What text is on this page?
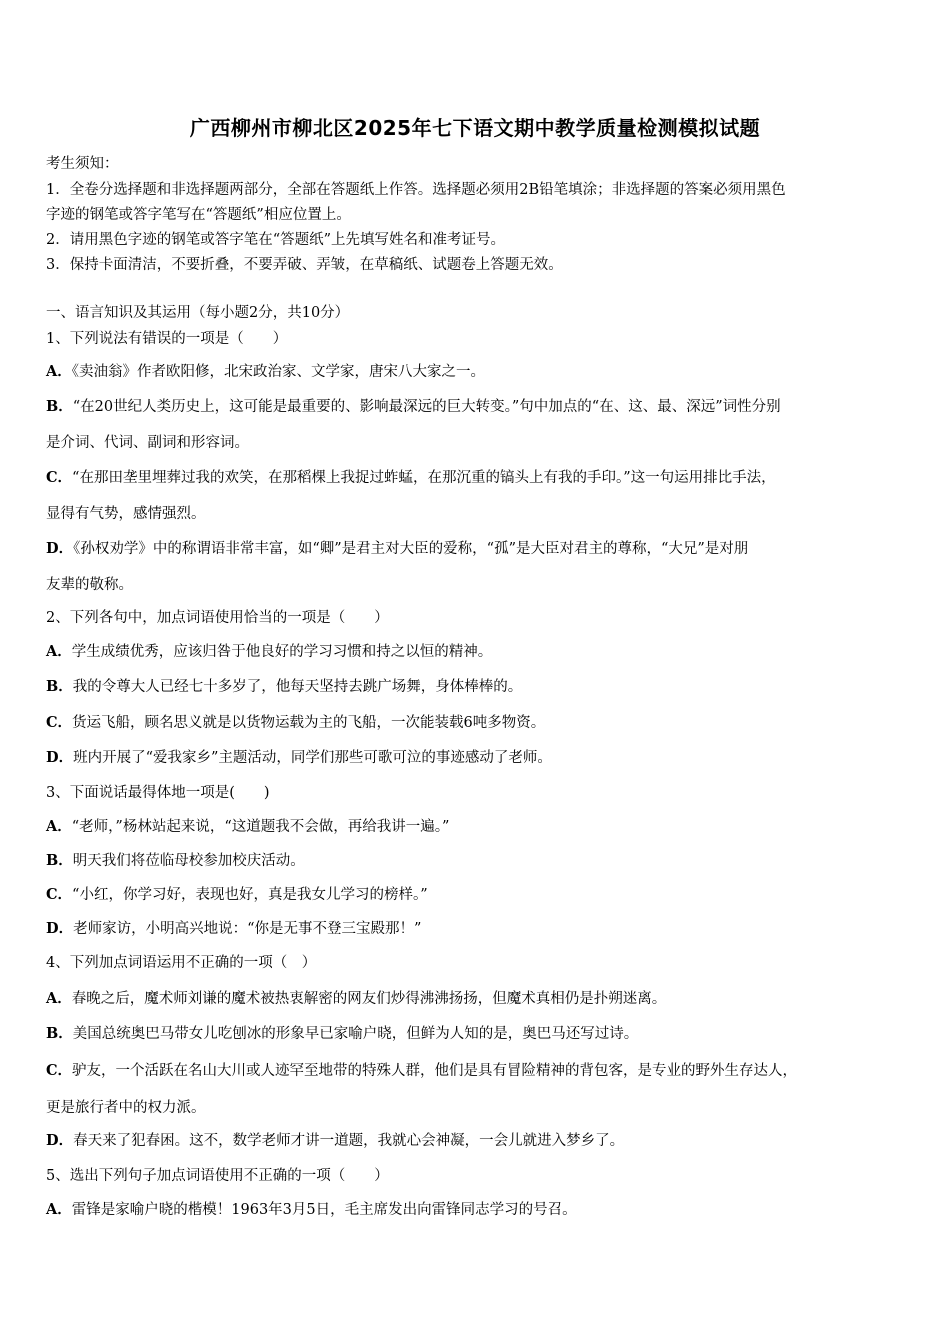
广西柳州市柳北区2025年七下语文期中教学质量检测模拟试题
考生须知：
1．全卷分选择题和非选择题两部分，全部在答题纸上作答。选择题必须用2B铅笔填涂；非选择题的答案必须用黑色
字迹的钢笔或答字笔写在“答题纸”相应位置上。
2．请用黑色字迹的钢笔或答字笔在“答题纸”上先填写姓名和准考证号。
3．保持卡面清洁，不要折叠，不要弄破、弄皱，在草稿纸、试题卷上答题无效。
一、语言知识及其运用（每小题2分，共10分）
1、下列说法有错误的一项是（　　）
A．《卖油翁》作者欧阳修，北宋政治家、文学家，唐宋八大家之一。
B．“在20世纪人类历史上，这可能是最重要的、影响最深远的巨大转变。”句中加点的“在、这、最、深远”词性分别
是介词、代词、副词和形容词。
C．“在那田垄里埋葬过我的欢笑，在那稻棵上我捉过蚱蜢，在那沉重的镐头上有我的手印。”这一句运用排比手法，
显得有气势，感情强烈。
D．《孙权劝学》中的称谓语非常丰富，如“卿”是君主对大臣的爱称，“孤”是大臣对君主的尊称，“大兄”是对朋
友辈的敬称。
2、下列各句中，加点词语使用恰当的一项是（　　）
A．学生成绩优秀，应该归咎于他良好的学习习惯和持之以恒的精神。
B．我的令尊大人已经七十多岁了，他每天坚持去跳广场舞，身体棒棒的。
C．货运飞船，顾名思义就是以货物运载为主的飞船，一次能装载6吨多物资。
D．班内开展了“爱我家乡”主题活动，同学们那些可歌可泣的事迹感动了老师。
3、下面说话最得体地一项是(　　)
A．“老师，”杨林站起来说，“这道题我不会做，再给我讲一遍。”
B．明天我们将莅临母校参加校庆活动。
C．“小红，你学习好，表现也好，真是我女儿学习的榜样。”
D．老师家访，小明高兴地说：“你是无事不登三宝殿那！”
4、下列加点词语运用不正确的一项（　）
A．春晚之后，魔术师刘谦的魔术被热衷解密的网友们炒得沸沸扬扬，但魔术真相仍是扑朔迷离。
B．美国总统奥巴马带女儿吃刨冰的形象早已家喻户晓，但鲜为人知的是，奥巴马还写过诗。
C．驴友，一个活跃在名山大川或人迹罕至地带的特殊人群，他们是具有冒险精神的背包客，是专业的野外生存达人，
更是旅行者中的权力派。
D．春天来了犯春困。这不，数学老师才讲一道题，我就心会神凝，一会儿就进入梦乡了。
5、选出下列句子加点词语使用不正确的一项（　　）
A．雷锋是家喻户晓的楷模！1963年3月5日，毛主席发出向雷锋同志学习的号召。
